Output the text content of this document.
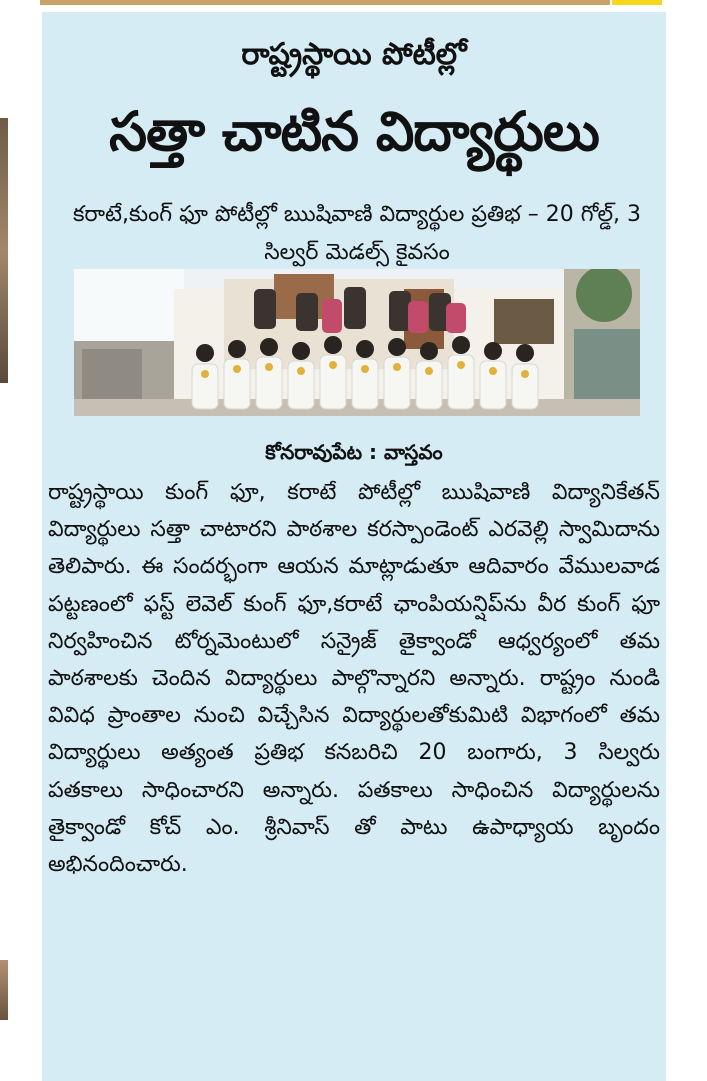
రాష్ట్రస్థాయి పోటీల్లో
సత్తా చాటిన విద్యార్థులు
కరాటే,కుంగ్ ఫూ పోటీల్లో ఋషివాణి విద్యార్థుల ప్రతిభ – 20 గోల్డ్, 3 సిల్వర్ మెడల్స్ కైవసం
కోనరావుపేట : వాస్తవం
రాష్ట్రస్థాయి కుంగ్ ఫూ, కరాటే పోటీల్లో ఋషివాణి విద్యానికేతన్ విద్యార్థులు సత్తా చాటారని పాఠశాల కరస్పాండెంట్ ఎరవెల్లి స్వామిదాను తెలిపారు. ఈ సందర్భంగా ఆయన మాట్లాడుతూ ఆదివారం వేములవాడ పట్టణంలో ఫస్ట్ లెవెల్ కుంగ్ ఫూ,కరాటే ఛాంపియన్షిప్‌ను వీర కుంగ్ ఫూ నిర్వహించిన టోర్నమెంటులో సన్రైజ్ తైక్వాండో ఆధ్వర్యంలో తమ పాఠశాలకు చెందిన విద్యార్థులు పాల్గొన్నారని అన్నారు. రాష్ట్రం నుండి వివిధ ప్రాంతాల నుంచి విచ్చేసిన విద్యార్థులతోకుమిటి విభాగంలో తమ విద్యార్థులు అత్యంత ప్రతిభ కనబరిచి 20 బంగారు, 3 సిల్వరు పతకాలు సాధించారని అన్నారు. పతకాలు సాధించిన విద్యార్థులను తైక్వాండో కోచ్ ఎం. శ్రీనివాస్ తో పాటు ఉపాధ్యాయ బృందం అభినందించారు.
